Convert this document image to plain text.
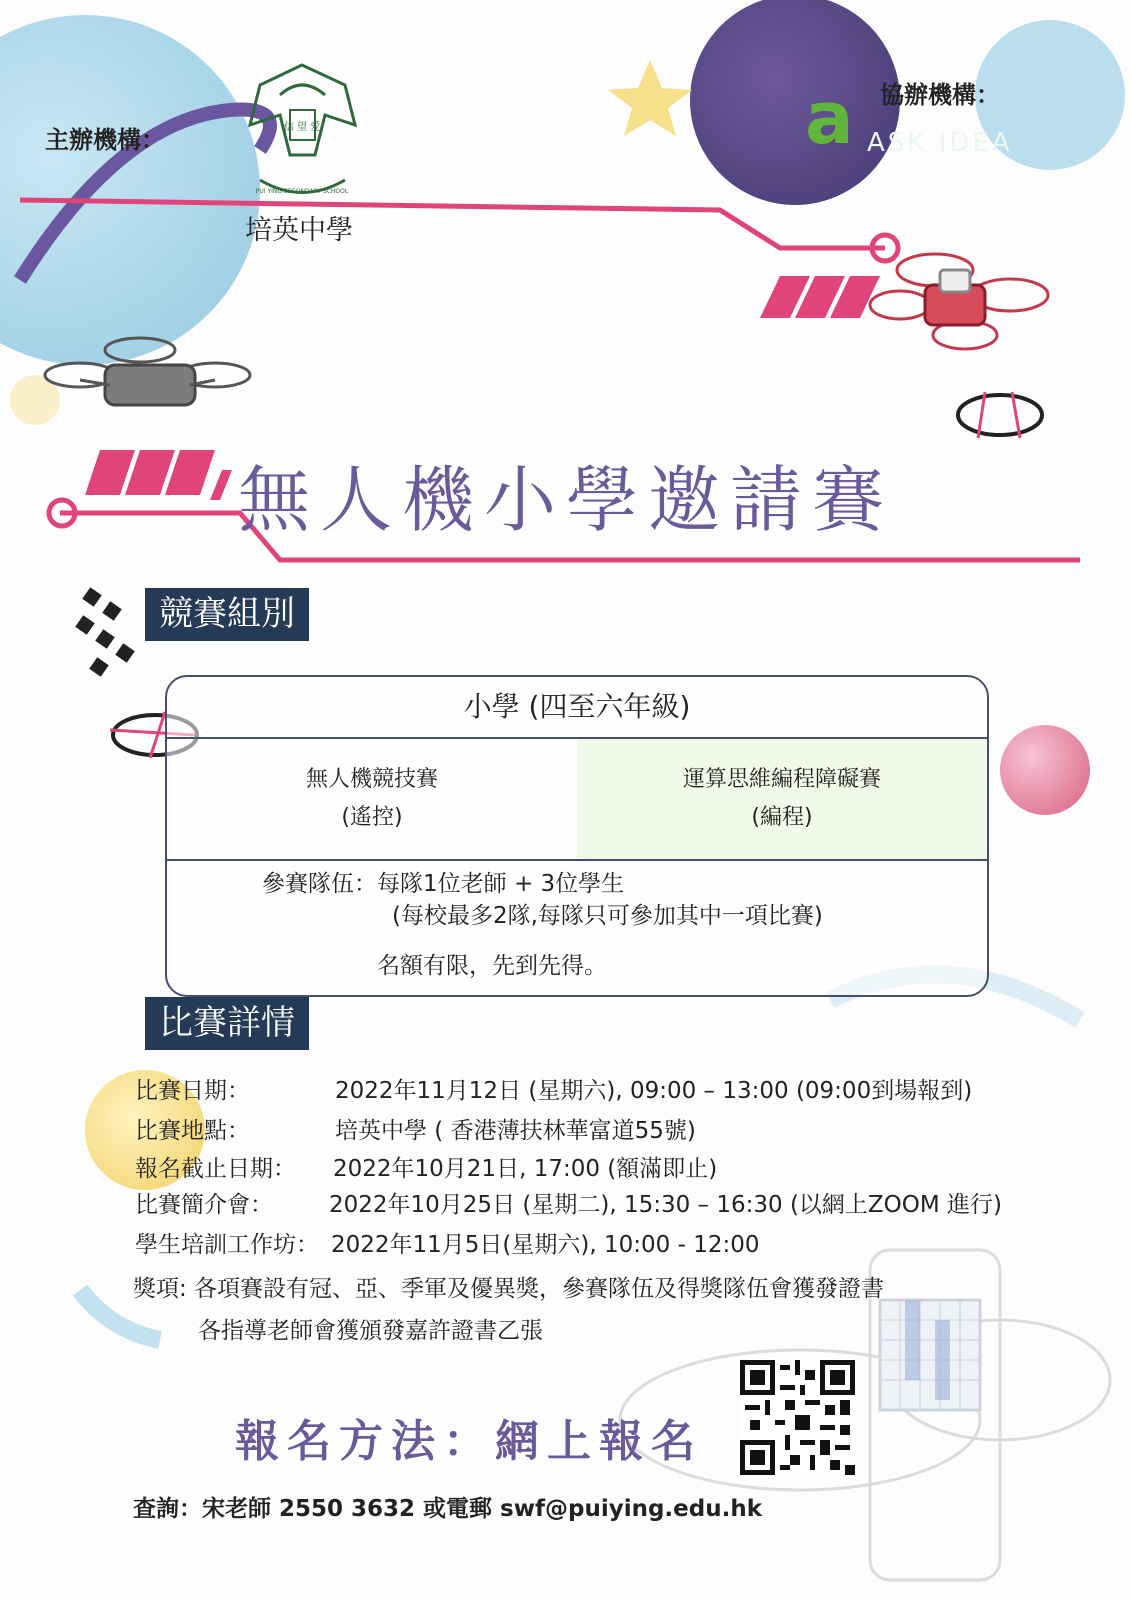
主辦機構：	信 望 愛
PUI YING SECONDARY SCHOOL
培英中學
協辦機構：
a ASK IDEA
無人機小學邀請賽
競賽組別
小學 (四至六年級)
無人機競技賽
(遙控)
運算思維編程障礙賽
(編程)
參賽隊伍：每隊1位老師 + 3位學生
(每校最多2隊,每隊只可參加其中一項比賽)
名額有限，先到先得。
比賽詳情
比賽日期：	2022年11月12日 (星期六), 09:00 – 13:00 (09:00到場報到)
比賽地點：	培英中學 ( 香港薄扶林華富道55號)
報名截止日期： 2022年10月21日, 17:00 (額滿即止)
比賽簡介會： 2022年10月25日 (星期二), 15:30 – 16:30 (以網上ZOOM 進行)
學生培訓工作坊： 2022年11月5日(星期六), 10:00 - 12:00
獎項: 各項賽設有冠、亞、季軍及優異獎，參賽隊伍及得獎隊伍會獲發證書
各指導老師會獲頒發嘉許證書乙張
報名方法：網上報名
查詢：宋老師 2550 3632 或電郵 swf@puiying.edu.hk
